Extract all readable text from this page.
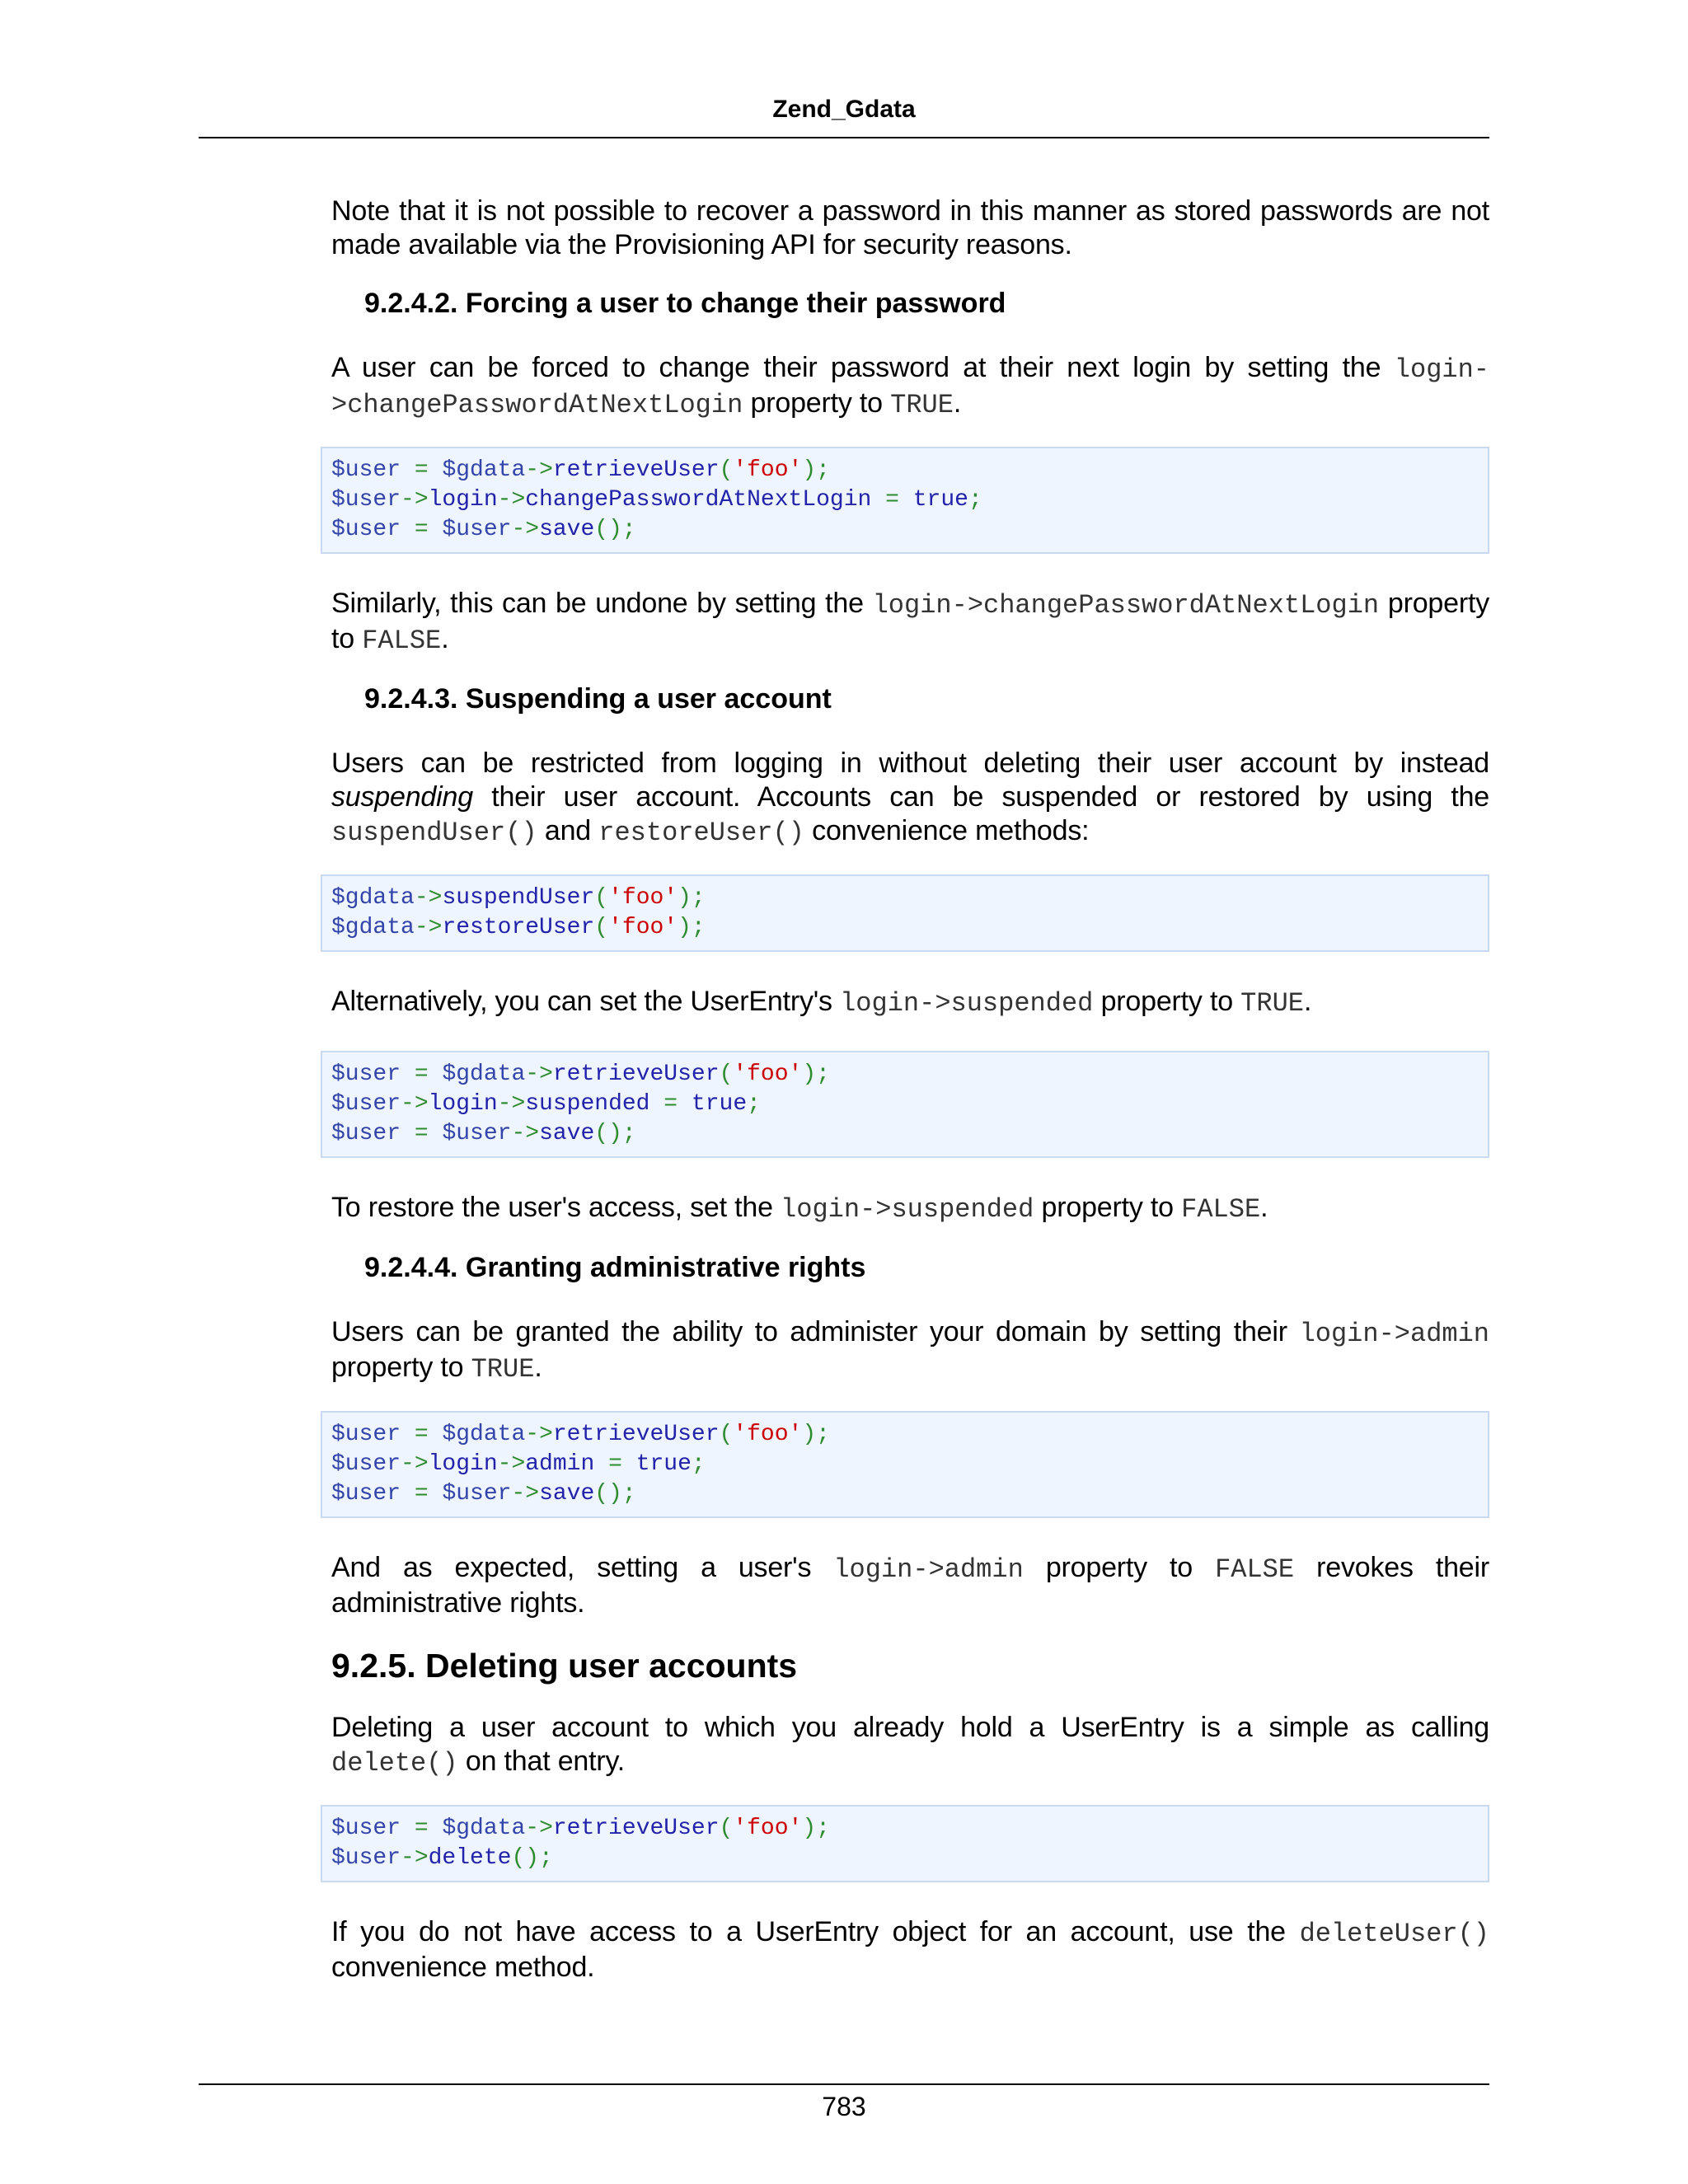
Zend_Gdata

Note that it is not possible to recover a password in this manner as stored passwords are not made available via the Provisioning API for security reasons.

9.2.4.2. Forcing a user to change their password

A user can be forced to change their password at their next login by setting the login->changePasswordAtNextLogin property to TRUE.

$user = $gdata->retrieveUser('foo');
$user->login->changePasswordAtNextLogin = true;
$user = $user->save();

Similarly, this can be undone by setting the login->changePasswordAtNextLogin property to FALSE.

9.2.4.3. Suspending a user account

Users can be restricted from logging in without deleting their user account by instead suspending their user account. Accounts can be suspended or restored by using the suspendUser() and restoreUser() convenience methods:

$gdata->suspendUser('foo');
$gdata->restoreUser('foo');

Alternatively, you can set the UserEntry's login->suspended property to TRUE.

$user = $gdata->retrieveUser('foo');
$user->login->suspended = true;
$user = $user->save();

To restore the user's access, set the login->suspended property to FALSE.

9.2.4.4. Granting administrative rights

Users can be granted the ability to administer your domain by setting their login->admin property to TRUE.

$user = $gdata->retrieveUser('foo');
$user->login->admin = true;
$user = $user->save();

And as expected, setting a user's login->admin property to FALSE revokes their administrative rights.

9.2.5. Deleting user accounts

Deleting a user account to which you already hold a UserEntry is a simple as calling delete() on that entry.

$user = $gdata->retrieveUser('foo');
$user->delete();

If you do not have access to a UserEntry object for an account, use the deleteUser() convenience method.

783
